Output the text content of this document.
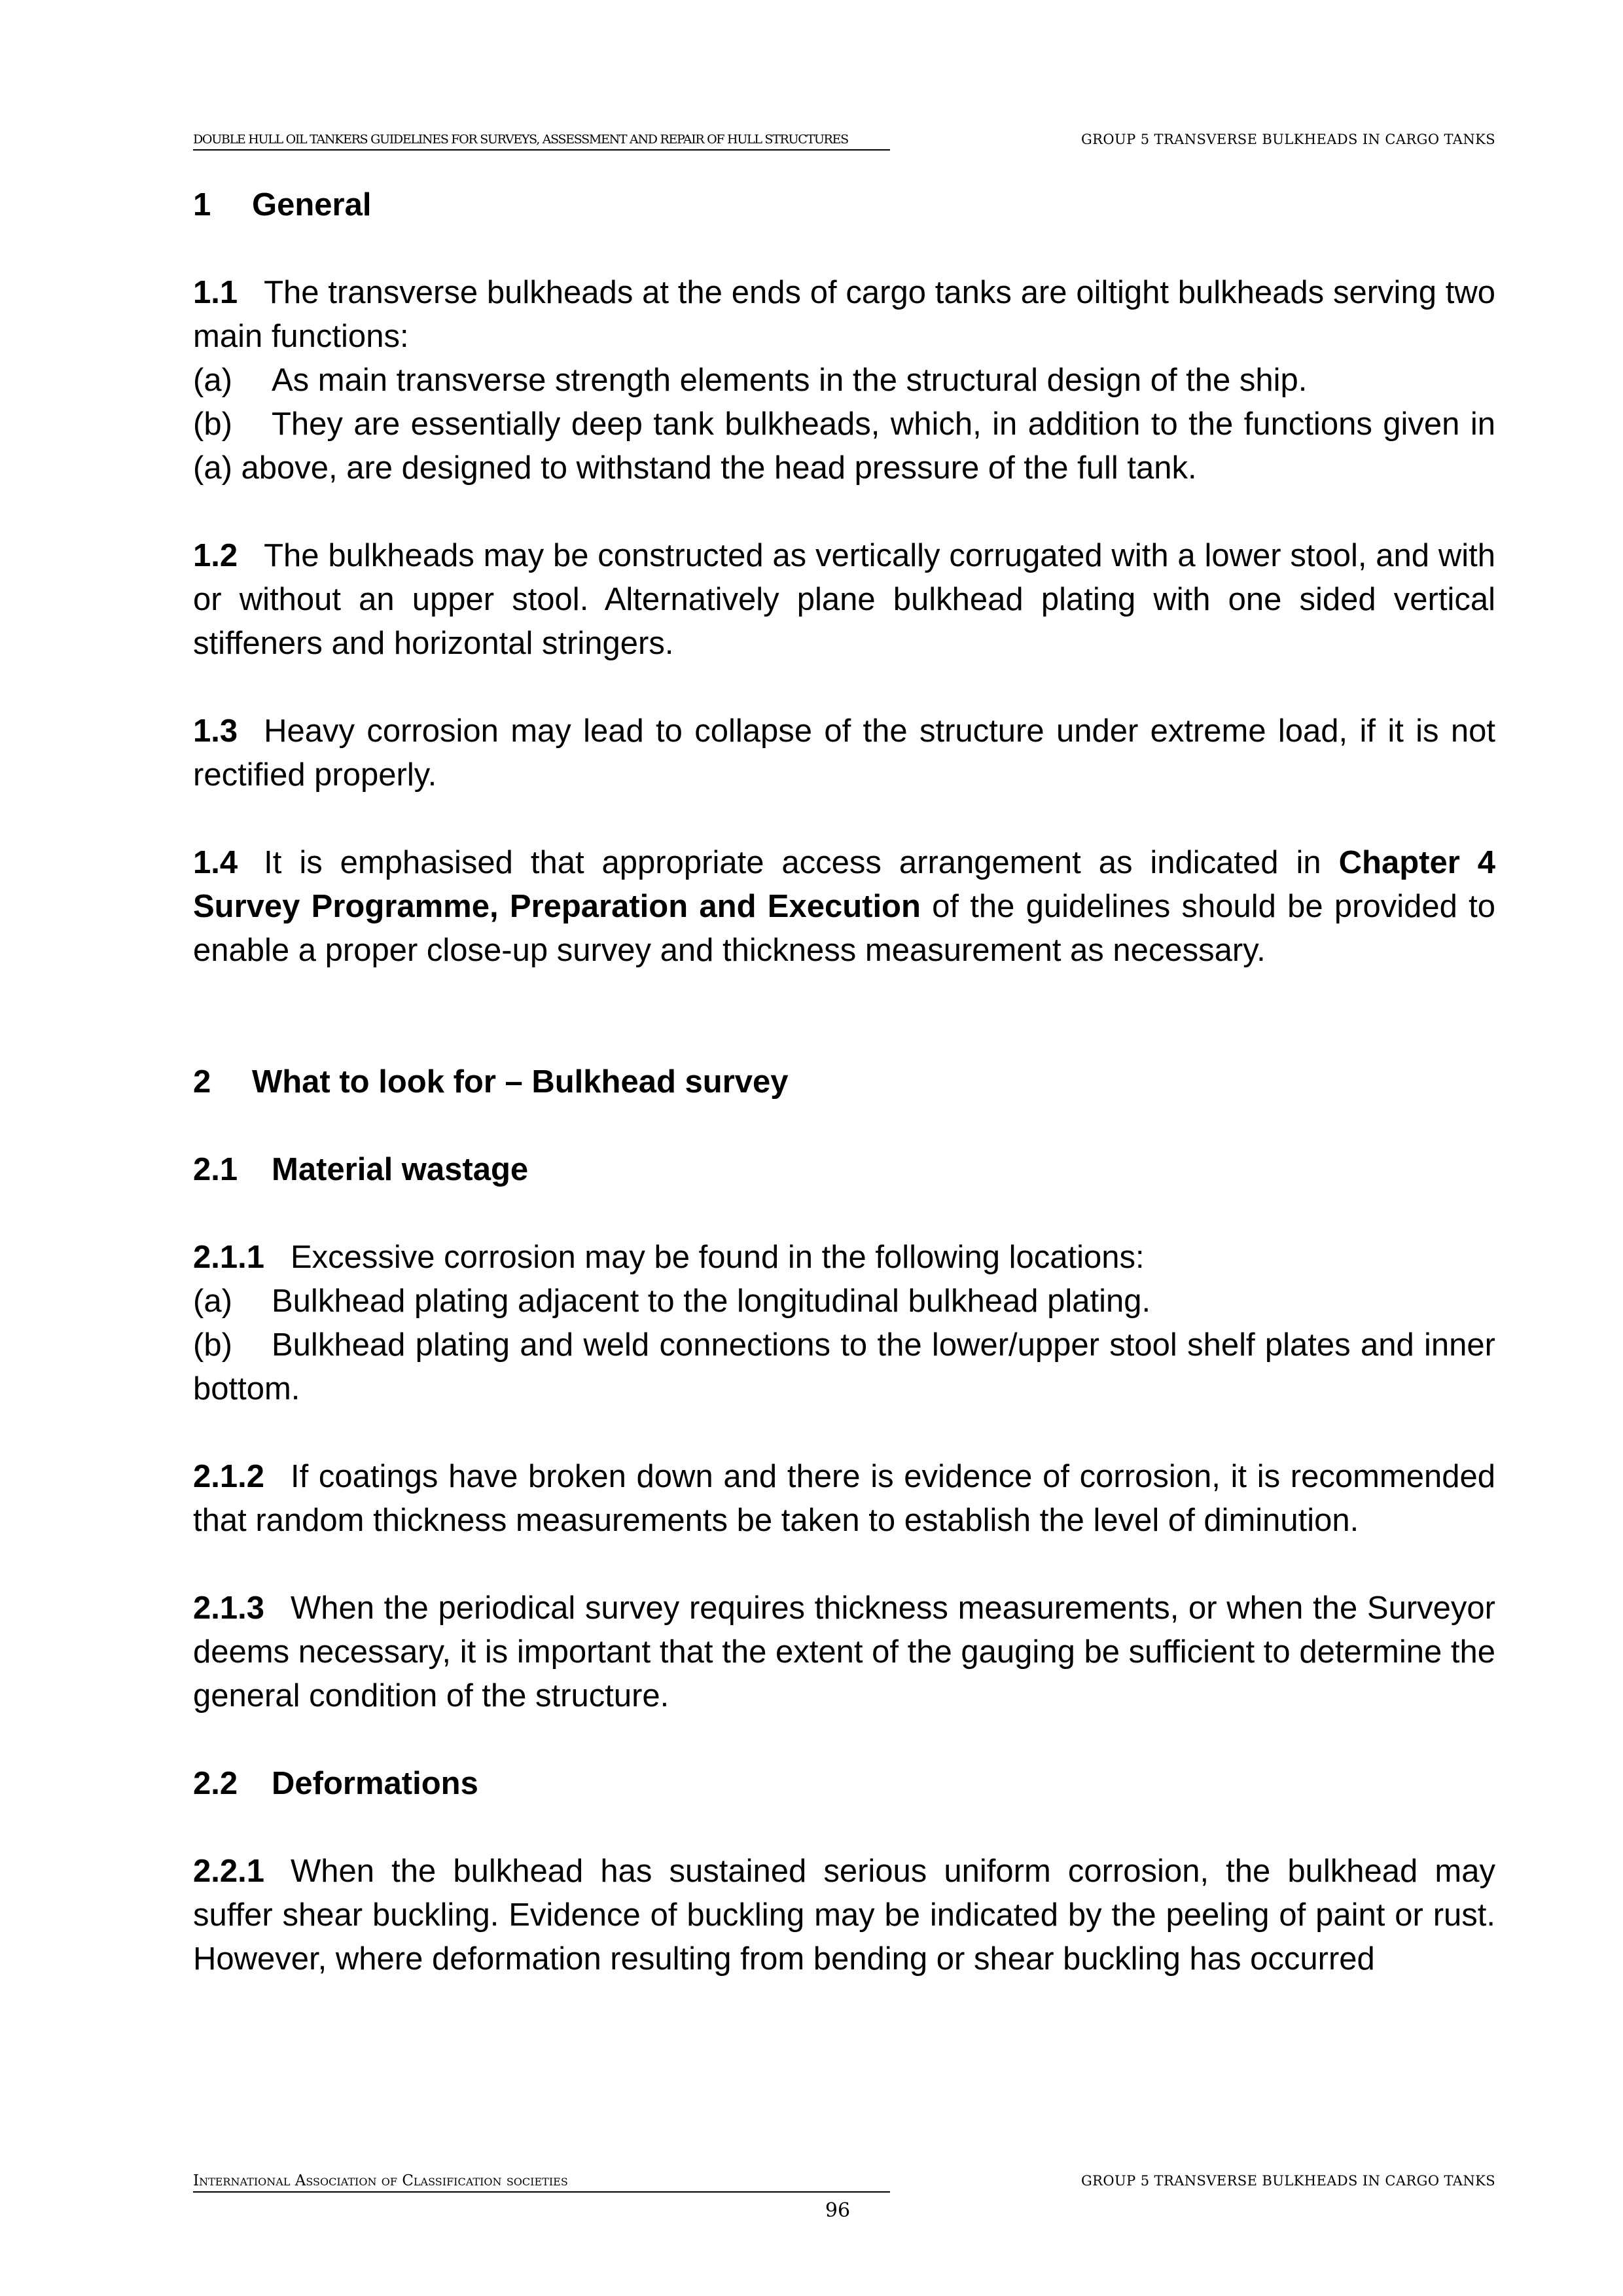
DOUBLE HULL OIL TANKERS GUIDELINES FOR SURVEYS, ASSESSMENT AND REPAIR OF HULL STRUCTURES	GROUP 5 TRANSVERSE BULKHEADS IN CARGO TANKS

1 General

1.1 The transverse bulkheads at the ends of cargo tanks are oiltight bulkheads serving two main functions:

(a)	As main transverse strength elements in the structural design of the ship.

(b) They are essentially deep tank bulkheads, which, in addition to the functions given in (a) above, are designed to withstand the head pressure of the full tank.

1.2 The bulkheads may be constructed as vertically corrugated with a lower stool, and with or without an upper stool. Alternatively plane bulkhead plating with one sided vertical stiffeners and horizontal stringers.

1.3 Heavy corrosion may lead to collapse of the structure under extreme load, if it is not rectified properly.

1.4 It is emphasised that appropriate access arrangement as indicated in Chapter 4 Survey Programme, Preparation and Execution of the guidelines should be provided to enable a proper close-up survey and thickness measurement as necessary.

2 What to look for – Bulkhead survey

2.1 Material wastage

2.1.1 Excessive corrosion may be found in the following locations:

(a)	Bulkhead plating adjacent to the longitudinal bulkhead plating.

(b) Bulkhead plating and weld connections to the lower/upper stool shelf plates and inner bottom.

2.1.2 If coatings have broken down and there is evidence of corrosion, it is recommended that random thickness measurements be taken to establish the level of diminution.

2.1.3 When the periodical survey requires thickness measurements, or when the Surveyor deems necessary, it is important that the extent of the gauging be sufficient to determine the general condition of the structure.

2.2 Deformations

2.2.1 When the bulkhead has sustained serious uniform corrosion, the bulkhead may suffer shear buckling. Evidence of buckling may be indicated by the peeling of paint or rust. However, where deformation resulting from bending or shear buckling has occurred

International Association of Classification societies	GROUP 5 TRANSVERSE BULKHEADS IN CARGO TANKS
96
